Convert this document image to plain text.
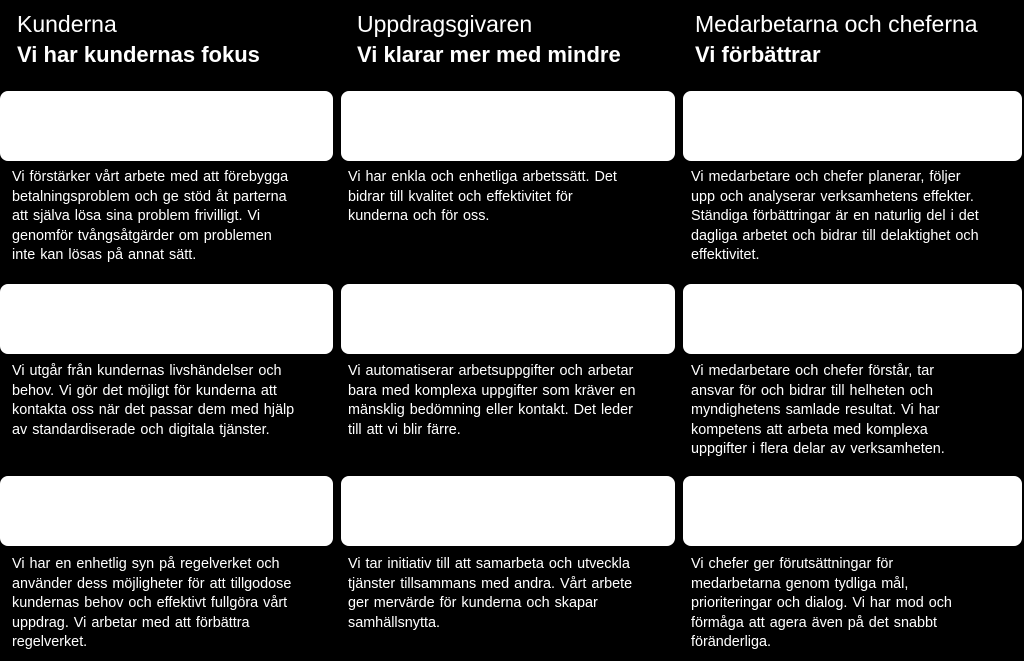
Kunderna
Vi har kundernas fokus
Vi förstärker vårt arbete med att förebygga
betalningsproblem och ge stöd åt parterna
att själva lösa sina problem frivilligt. Vi
genomför tvångsåtgärder om problemen
inte kan lösas på annat sätt.
Vi utgår från kundernas livshändelser och
behov. Vi gör det möjligt för kunderna att
kontakta oss när det passar dem med hjälp
av standardiserade och digitala tjänster.
Vi har en enhetlig syn på regelverket och
använder dess möjligheter för att tillgodose
kundernas behov och effektivt fullgöra vårt
uppdrag. Vi arbetar med att förbättra
regelverket.
Uppdragsgivaren
Vi klarar mer med mindre
Vi har enkla och enhetliga arbetssätt. Det
bidrar till kvalitet och effektivitet för
kunderna och för oss.
Vi automatiserar arbetsuppgifter och arbetar
bara med komplexa uppgifter som kräver en
mänsklig bedömning eller kontakt. Det leder
till att vi blir färre.
Vi tar initiativ till att samarbeta och utveckla
tjänster tillsammans med andra. Vårt arbete
ger mervärde för kunderna och skapar
samhällsnytta.
Medarbetarna och cheferna
Vi förbättrar
Vi medarbetare och chefer planerar, följer
upp och analyserar verksamhetens effekter.
Ständiga förbättringar är en naturlig del i det
dagliga arbetet och bidrar till delaktighet och
effektivitet.
Vi medarbetare och chefer förstår, tar
ansvar för och bidrar till helheten och
myndighetens samlade resultat. Vi har
kompetens att arbeta med komplexa
uppgifter i flera delar av verksamheten.
Vi chefer ger förutsättningar för
medarbetarna genom tydliga mål,
prioriteringar och dialog. Vi har mod och
förmåga att agera även på det snabbt
föränderliga.
